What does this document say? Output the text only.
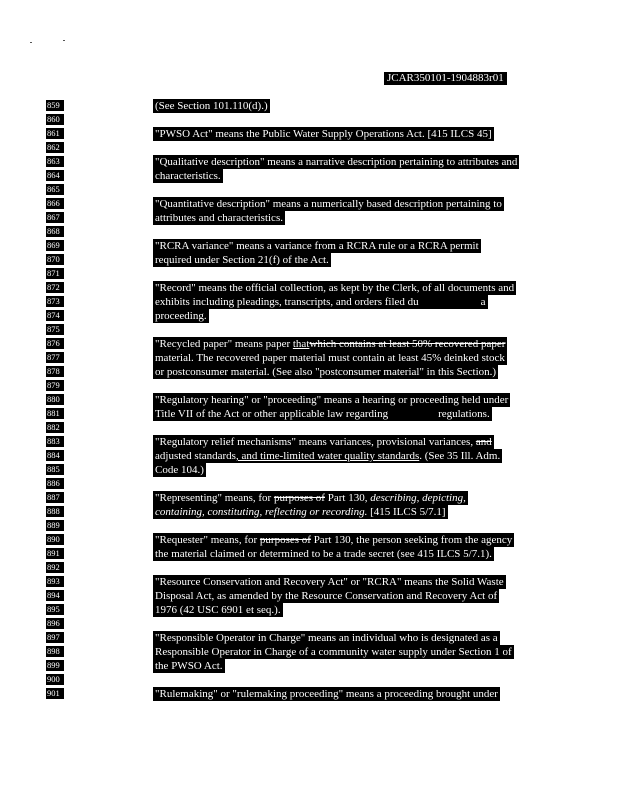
JCAR350101-1904883r01
859
860
861
862
863
864
865
866
867
868
869
870
871
872
873
874
875
876
877
878
879
880
881
882
883
884
885
886
887
888
889
890
891
892
893
894
895
896
897
898
899
900
901
(See Section 101.110(d).)
"PWSO Act" means the Public Water Supply Operations Act. [415 ILCS 45]
"Qualitative description" means a narrative description pertaining to attributes and
characteristics.
"Quantitative description" means a numerically based description pertaining to
attributes and characteristics.
"RCRA variance" means a variance from a RCRA rule or a RCRA permit
required under Section 21(f) of the Act.
"Record" means the official collection, as kept by the Clerk, of all documents and
exhibits including pleadings, transcripts, and orders filed du	a
proceeding.
"Recycled paper" means paper thatwhich contains at least 50% recovered paper
material. The recovered paper material must contain at least 45% deinked stock
or postconsumer material. (See also "postconsumer material" in this Section.)
"Regulatory hearing" or "proceeding" means a hearing or proceeding held under
Title VII of the Act or other applicable law regarding	regulations.
"Regulatory relief mechanisms" means variances, provisional variances, and
adjusted standards, and time-limited water quality standards. (See 35 Ill. Adm.
Code 104.)
"Representing" means, for purposes of Part 130, describing, depicting,
containing, constituting, reflecting or recording. [415 ILCS 5/7.1]
"Requester" means, for purposes of Part 130, the person seeking from the agency
the material claimed or determined to be a trade secret (see 415 ILCS 5/7.1).
"Resource Conservation and Recovery Act" or "RCRA" means the Solid Waste
Disposal Act, as amended by the Resource Conservation and Recovery Act of
1976 (42 USC 6901 et seq.).
"Responsible Operator in Charge" means an individual who is designated as a
Responsible Operator in Charge of a community water supply under Section 1 of
the PWSO Act.
"Rulemaking" or "rulemaking proceeding" means a proceeding brought under
